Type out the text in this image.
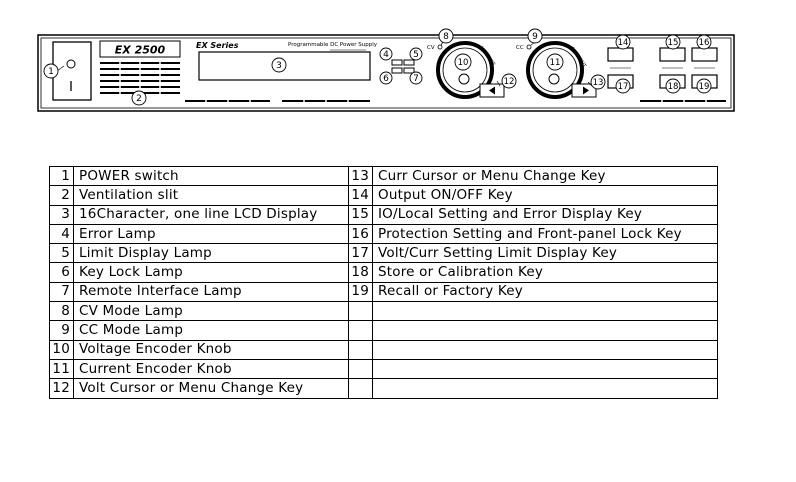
EX 2500	EX Series	Programmable DC Power Supply	CV	VOLTAGE	CC	CURRENT
1
2
3
4	5
6	7
8	9
10	11
12	13
14	15 16
17	18 19
1	POWER switch	13	Curr Cursor or Menu Change Key
2	Ventilation slit	14	Output ON/OFF Key
3	16Character, one line LCD Display	15	IO/Local Setting and Error Display Key
4	Error Lamp	16	Protection Setting and Front-panel Lock Key
5	Limit Display Lamp	17	Volt/Curr Setting Limit Display Key
6	Key Lock Lamp	18	Store or Calibration Key
7	Remote Interface Lamp	19	Recall or Factory Key
8	CV Mode Lamp		
9	CC Mode Lamp		
10	Voltage Encoder Knob		
11	Current Encoder Knob		
12	Volt Cursor or Menu Change Key		
